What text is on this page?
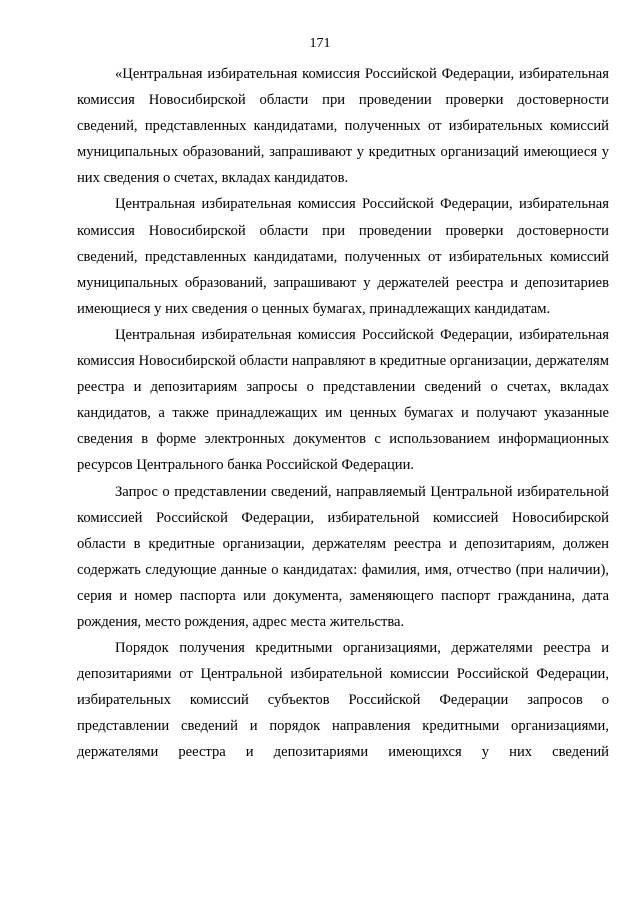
171

«Центральная избирательная комиссия Российской Федерации, избирательная комиссия Новосибирской области при проведении проверки достоверности сведений, представленных кандидатами, полученных от избирательных комиссий муниципальных образований, запрашивают у кредитных организаций имеющиеся у них сведения о счетах, вкладах кандидатов.

Центральная избирательная комиссия Российской Федерации, избирательная комиссия Новосибирской области при проведении проверки достоверности сведений, представленных кандидатами, полученных от избирательных комиссий муниципальных образований, запрашивают у держателей реестра и депозитариев имеющиеся у них сведения о ценных бумагах, принадлежащих кандидатам.

Центральная избирательная комиссия Российской Федерации, избирательная комиссия Новосибирской области направляют в кредитные организации, держателям реестра и депозитариям запросы о представлении сведений о счетах, вкладах кандидатов, а также принадлежащих им ценных бумагах и получают указанные сведения в форме электронных документов с использованием информационных ресурсов Центрального банка Российской Федерации.

Запрос о представлении сведений, направляемый Центральной избирательной комиссией Российской Федерации, избирательной комиссией Новосибирской области в кредитные организации, держателям реестра и депозитариям, должен содержать следующие данные о кандидатах: фамилия, имя, отчество (при наличии), серия и номер паспорта или документа, заменяющего паспорт гражданина, дата рождения, место рождения, адрес места жительства.

Порядок получения кредитными организациями, держателями реестра и депозитариями от Центральной избирательной комиссии Российской Федерации, избирательных комиссий субъектов Российской Федерации запросов о представлении сведений и порядок направления кредитными организациями, держателями реестра и депозитариями имеющихся у них сведений
